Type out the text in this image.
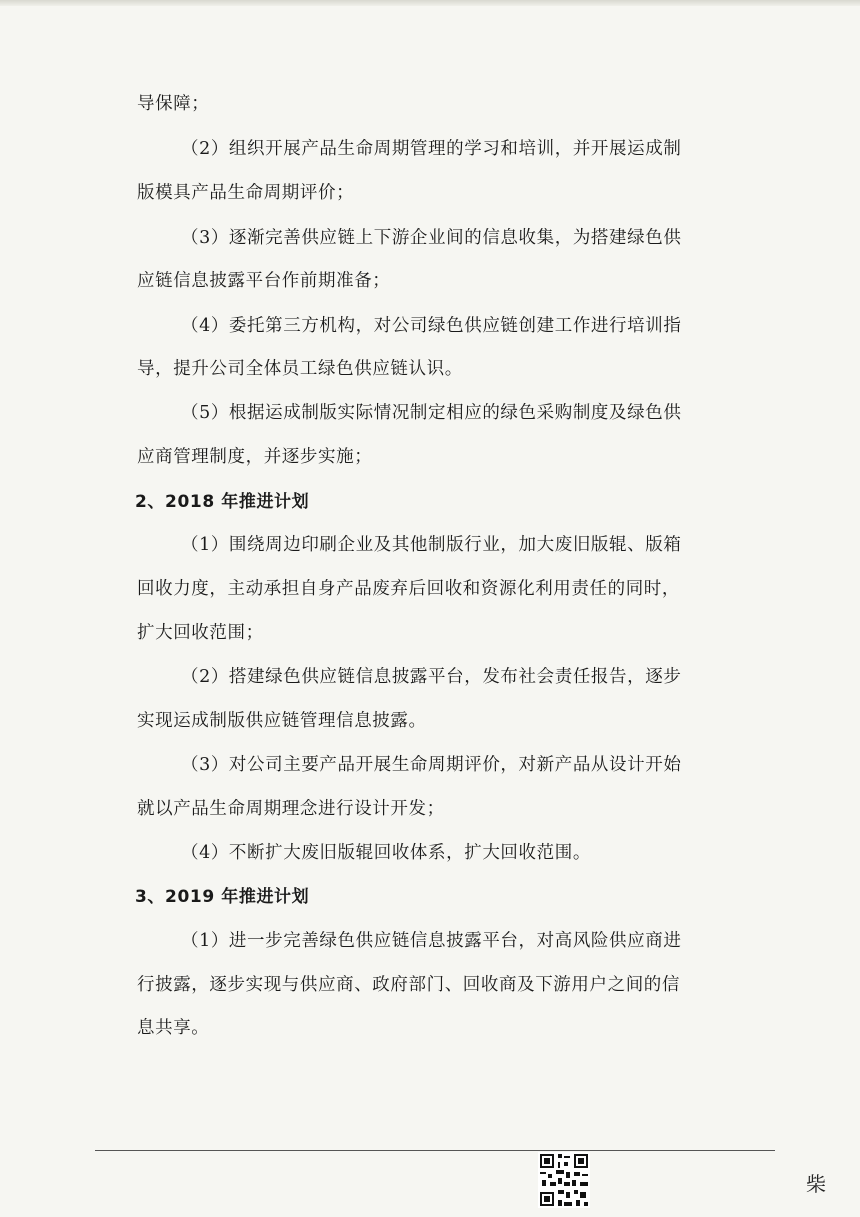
导保障；
（2）组织开展产品生命周期管理的学习和培训，并开展运成制
版模具产品生命周期评价；
（3）逐渐完善供应链上下游企业间的信息收集，为搭建绿色供
应链信息披露平台作前期准备；
（4）委托第三方机构，对公司绿色供应链创建工作进行培训指
导，提升公司全体员工绿色供应链认识。
（5）根据运成制版实际情况制定相应的绿色采购制度及绿色供
应商管理制度，并逐步实施；
2、2018 年推进计划
（1）围绕周边印刷企业及其他制版行业，加大废旧版辊、版箱
回收力度，主动承担自身产品废弃后回收和资源化利用责任的同时，
扩大回收范围；
（2）搭建绿色供应链信息披露平台，发布社会责任报告，逐步
实现运成制版供应链管理信息披露。
（3）对公司主要产品开展生命周期评价，对新产品从设计开始
就以产品生命周期理念进行设计开发；
（4）不断扩大废旧版辊回收体系，扩大回收范围。
3、2019 年推进计划
（1）进一步完善绿色供应链信息披露平台，对高风险供应商进
行披露，逐步实现与供应商、政府部门、回收商及下游用户之间的信
息共享。
柴
